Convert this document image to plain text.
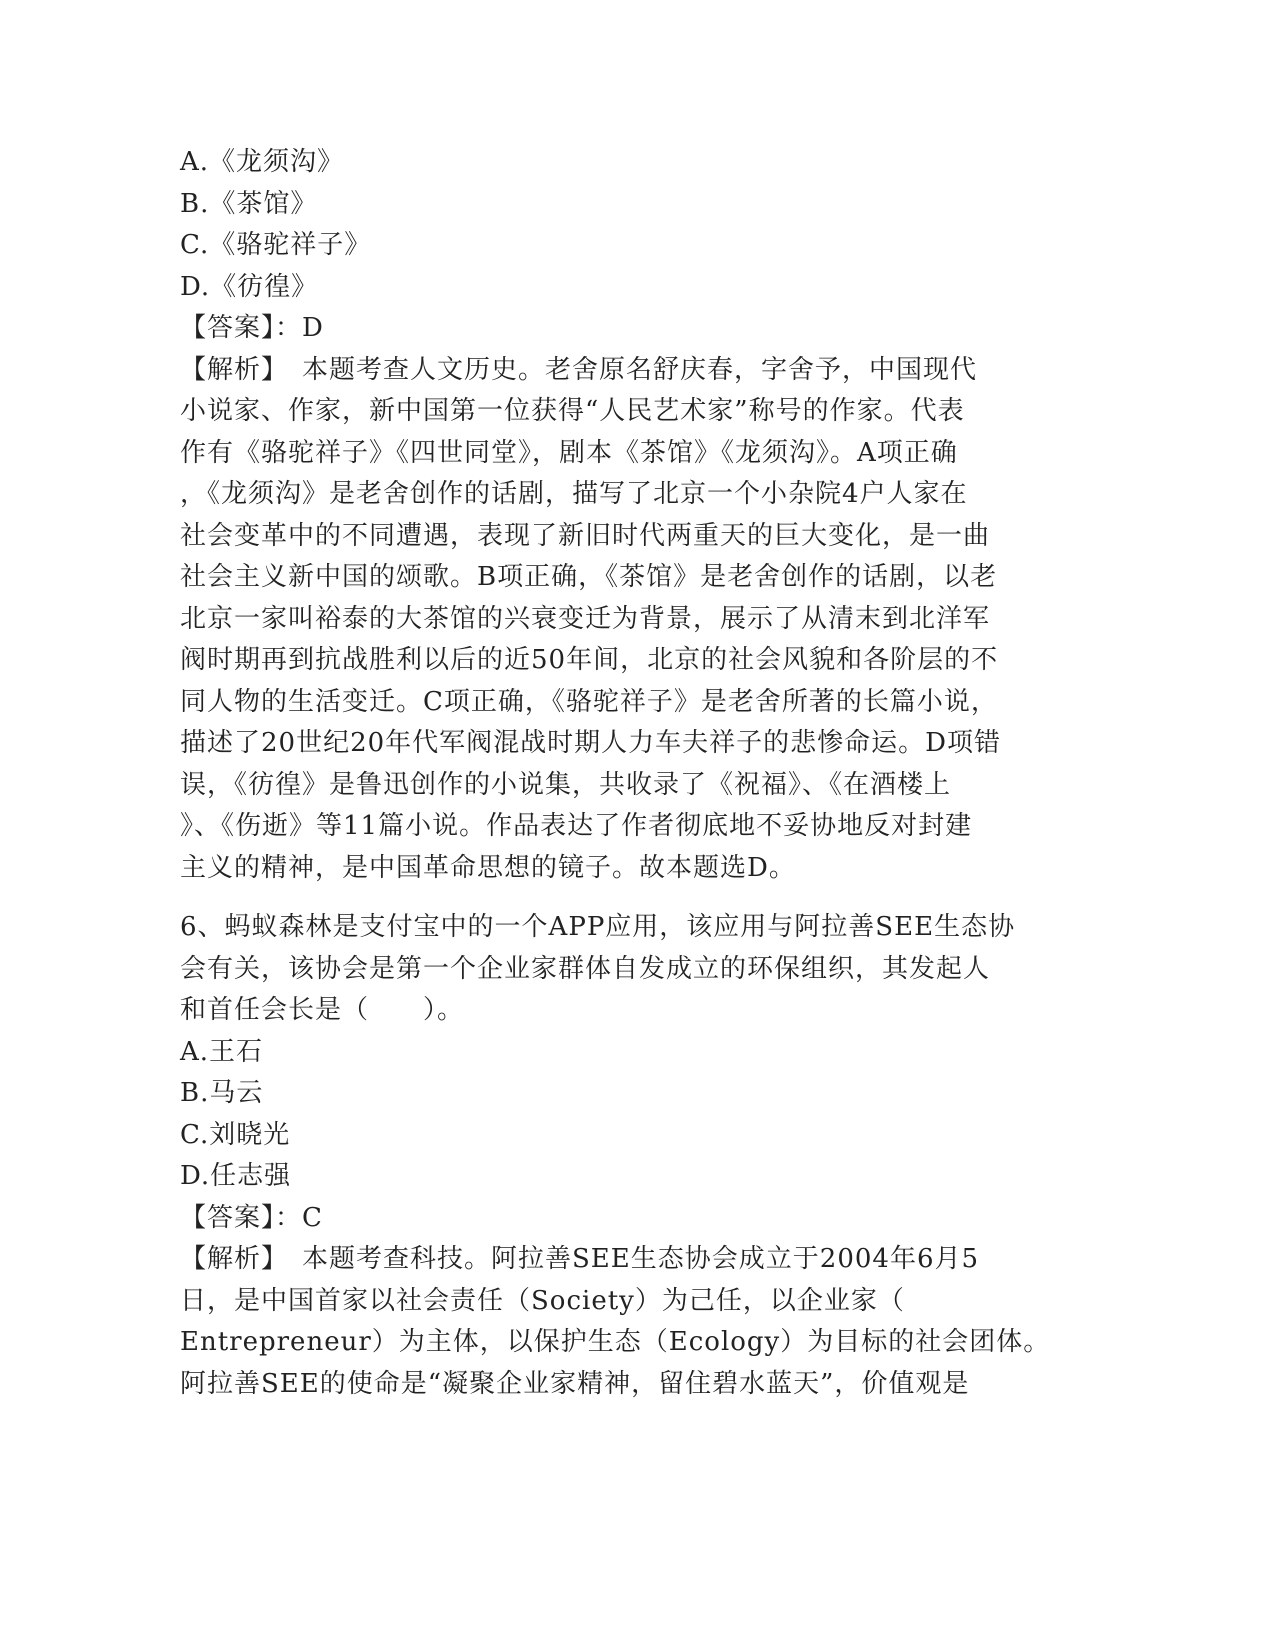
A.《龙须沟》

B.《茶馆》

C.《骆驼祥子》

D.《彷徨》

【答案】：D

【解析】　本题考查人文历史。老舍原名舒庆春，字舍予，中国现代

小说家、作家，新中国第一位获得“人民艺术家”称号的作家。代表

作有《骆驼祥子》《四世同堂》，剧本《茶馆》《龙须沟》。A项正确

，《龙须沟》是老舍创作的话剧，描写了北京一个小杂院4户人家在

社会变革中的不同遭遇，表现了新旧时代两重天的巨大变化，是一曲

社会主义新中国的颂歌。B项正确，《茶馆》是老舍创作的话剧，以老

北京一家叫裕泰的大茶馆的兴衰变迁为背景，展示了从清末到北洋军

阀时期再到抗战胜利以后的近50年间，北京的社会风貌和各阶层的不

同人物的生活变迁。C项正确，《骆驼祥子》是老舍所著的长篇小说，

描述了20世纪20年代军阀混战时期人力车夫祥子的悲惨命运。D项错

误，《彷徨》是鲁迅创作的小说集，共收录了《祝福》、《在酒楼上

》、《伤逝》等11篇小说。作品表达了作者彻底地不妥协地反对封建

主义的精神，是中国革命思想的镜子。故本题选D。

6、蚂蚁森林是支付宝中的一个APP应用，该应用与阿拉善SEE生态协

会有关，该协会是第一个企业家群体自发成立的环保组织，其发起人

和首任会长是（　　）。

A.王石

B.马云

C.刘晓光

D.任志强

【答案】：C

【解析】　本题考查科技。阿拉善SEE生态协会成立于2004年6月5

日，是中国首家以社会责任（Society）为己任，以企业家（

Entrepreneur）为主体，以保护生态（Ecology）为目标的社会团体。

阿拉善SEE的使命是“凝聚企业家精神，留住碧水蓝天”，价值观是
